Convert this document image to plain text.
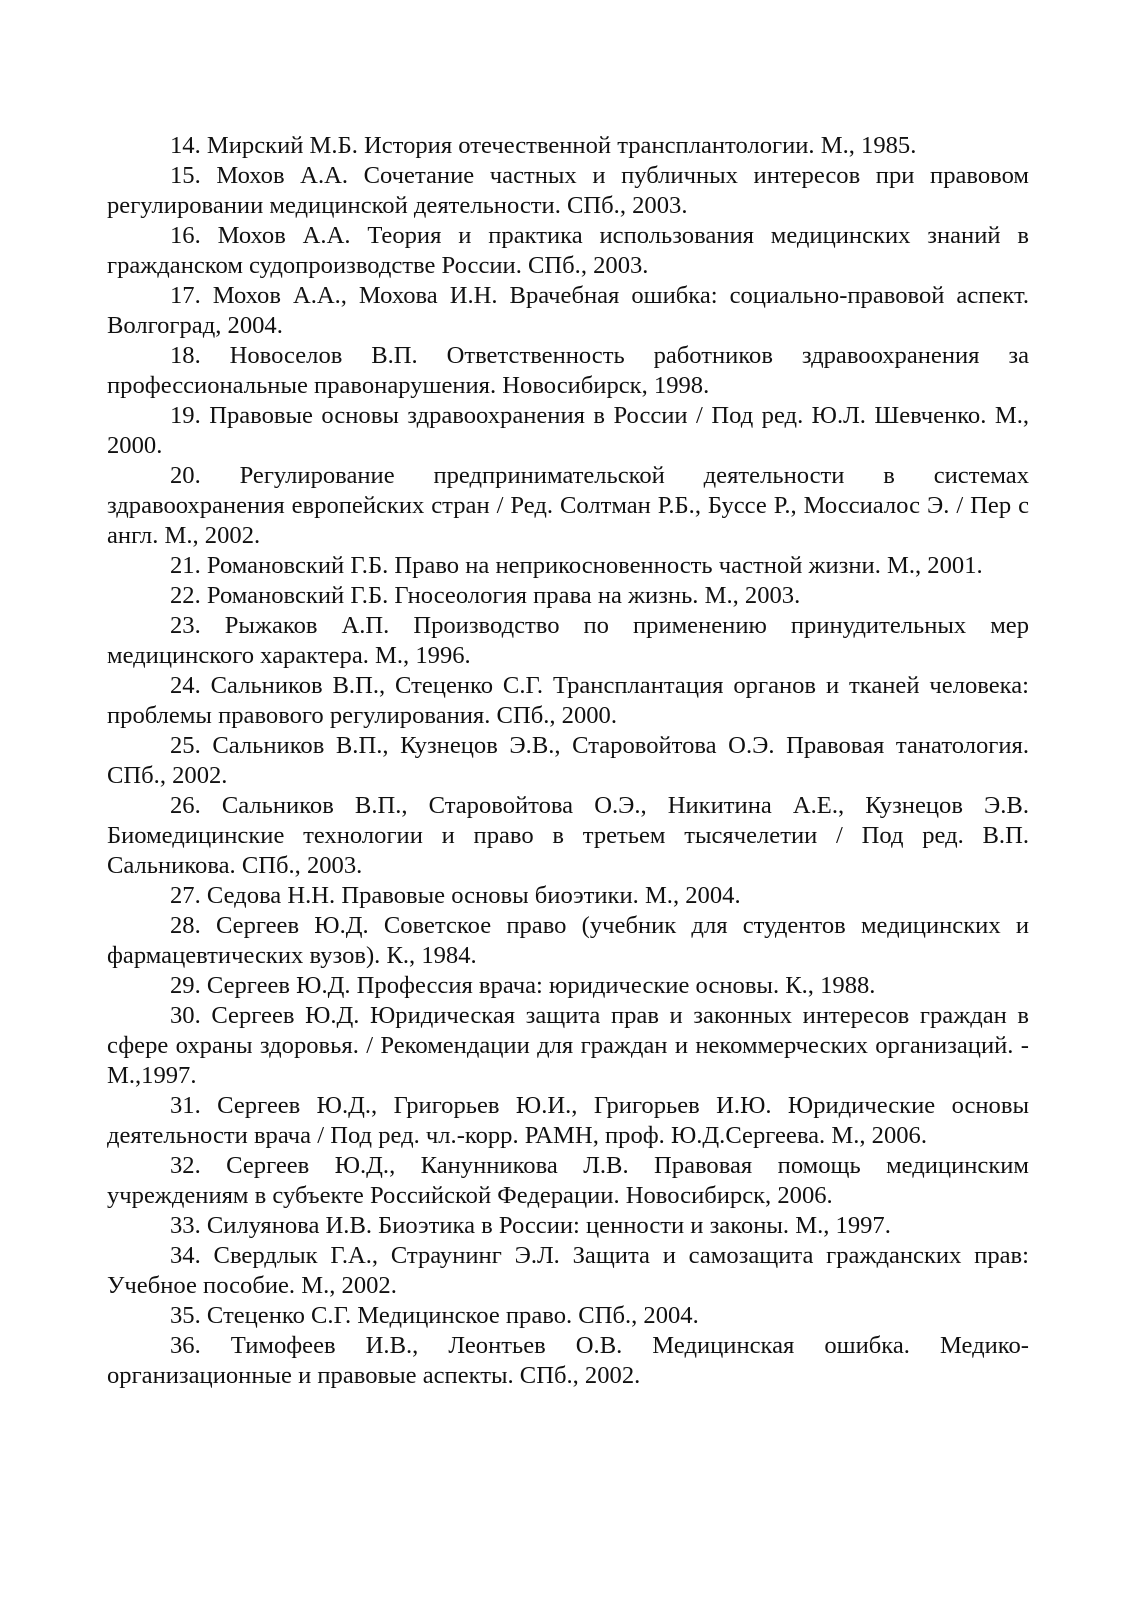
14. Мирский М.Б. История отечественной трансплантологии. М., 1985.

15. Мохов А.А. Сочетание частных и публичных интересов при правовом регулировании медицинской деятельности. СПб., 2003.

16. Мохов А.А. Теория и практика использования медицинских знаний в гражданском судопроизводстве России. СПб., 2003.

17. Мохов А.А., Мохова И.Н. Врачебная ошибка: социально-правовой аспект. Волгоград, 2004.

18. Новоселов В.П. Ответственность работников здравоохранения за профессиональные правонарушения. Новосибирск, 1998.

19. Правовые основы здравоохранения в России / Под ред. Ю.Л. Шевченко. М., 2000.

20. Регулирование предпринимательской деятельности в системах здравоохранения европейских стран / Ред. Солтман Р.Б., Буссе Р., Моссиалос Э. / Пер с англ. М., 2002.

21. Романовский Г.Б. Право на неприкосновенность частной жизни. М., 2001.

22. Романовский Г.Б. Гносеология права на жизнь. М., 2003.

23. Рыжаков А.П. Производство по применению принудительных мер медицинского характера. М., 1996.

24. Сальников В.П., Стеценко С.Г. Трансплантация органов и тканей человека: проблемы правового регулирования. СПб., 2000.

25. Сальников В.П., Кузнецов Э.В., Старовойтова О.Э. Правовая танатология. СПб., 2002.

26. Сальников В.П., Старовойтова О.Э., Никитина А.Е., Кузнецов Э.В. Биомедицинские технологии и право в третьем тысячелетии / Под ред. В.П. Сальникова. СПб., 2003.

27. Седова Н.Н. Правовые основы биоэтики. М., 2004.

28. Сергеев Ю.Д. Советское право (учебник для студентов медицинских и фармацевтических вузов). К., 1984.

29. Сергеев Ю.Д. Профессия врача: юридические основы. К., 1988.

30. Сергеев Ю.Д. Юридическая защита прав и законных интересов граждан в сфере охраны здоровья. / Рекомендации для граждан и некоммерческих организаций. - М.,1997.

31. Сергеев Ю.Д., Григорьев Ю.И., Григорьев И.Ю. Юридические основы деятельности врача / Под ред. чл.-корр. РАМН, проф. Ю.Д.Сергеева. М., 2006.

32. Сергеев Ю.Д., Канунникова Л.В. Правовая помощь медицинским учреждениям в субъекте Российской Федерации. Новосибирск, 2006.

33. Силуянова И.В. Биоэтика в России: ценности и законы. М., 1997.

34. Свердлык Г.А., Страунинг Э.Л. Защита и самозащита гражданских прав: Учебное пособие. М., 2002.

35. Стеценко С.Г. Медицинское право. СПб., 2004.

36. Тимофеев И.В., Леонтьев О.В. Медицинская ошибка. Медико-организационные и правовые аспекты. СПб., 2002.
